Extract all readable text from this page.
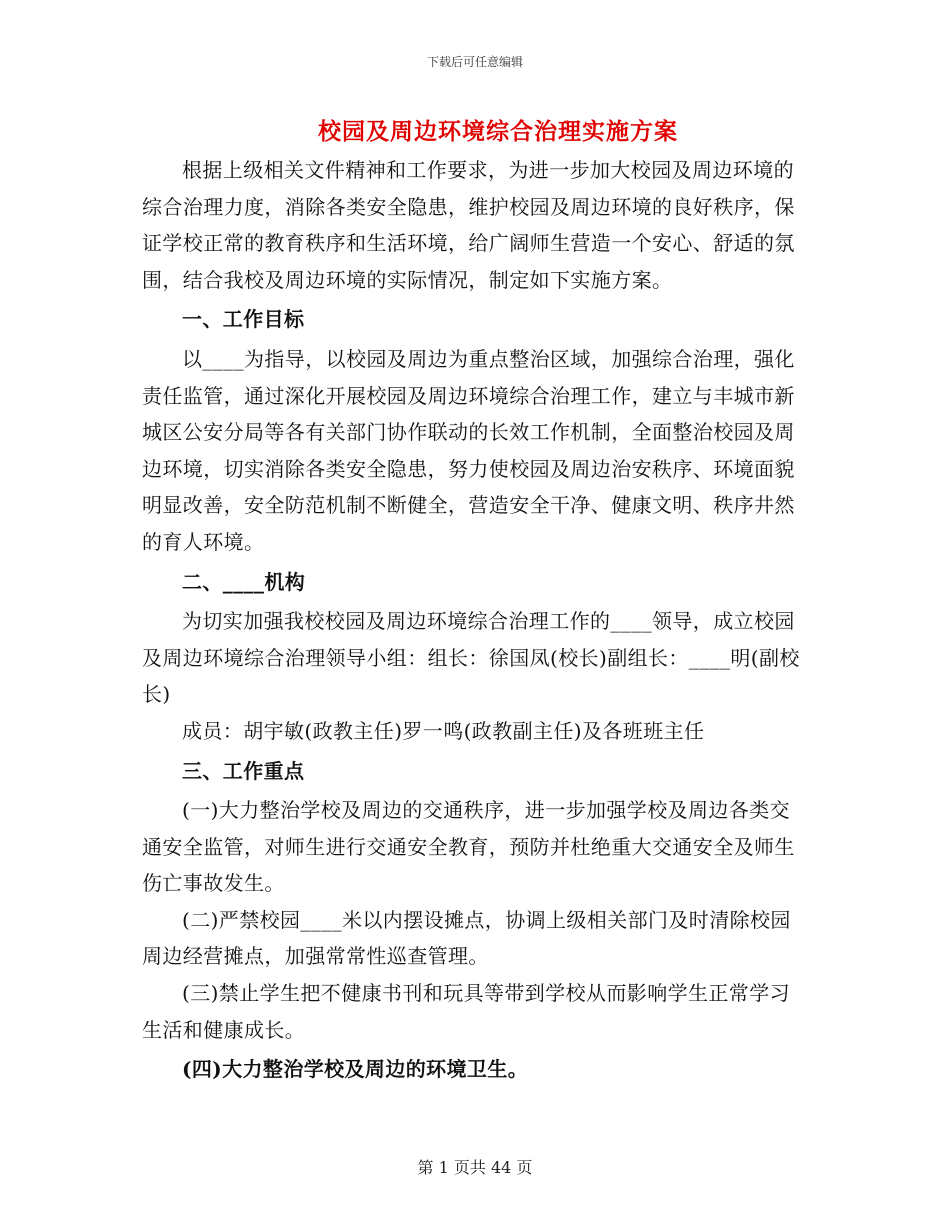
下载后可任意编辑
校园及周边环境综合治理实施方案

根据上级相关文件精神和工作要求，为进一步加大校园及周边环境的综合治理力度，消除各类安全隐患，维护校园及周边环境的良好秩序，保证学校正常的教育秩序和生活环境，给广阔师生营造一个安心、舒适的氛围，结合我校及周边环境的实际情况，制定如下实施方案。

一、工作目标

以____为指导，以校园及周边为重点整治区域，加强综合治理，强化责任监管，通过深化开展校园及周边环境综合治理工作，建立与丰城市新城区公安分局等各有关部门协作联动的长效工作机制，全面整治校园及周边环境，切实消除各类安全隐患，努力使校园及周边治安秩序、环境面貌明显改善，安全防范机制不断健全，营造安全干净、健康文明、秩序井然的育人环境。

二、____机构

为切实加强我校校园及周边环境综合治理工作的____领导，成立校园及周边环境综合治理领导小组：组长：徐国凤(校长)副组长：____明(副校长)

成员：胡宇敏(政教主任)罗一鸣(政教副主任)及各班班主任

三、工作重点

(一)大力整治学校及周边的交通秩序，进一步加强学校及周边各类交通安全监管，对师生进行交通安全教育，预防并杜绝重大交通安全及师生伤亡事故发生。

(二)严禁校园____米以内摆设摊点，协调上级相关部门及时清除校园周边经营摊点，加强常常性巡查管理。

(三)禁止学生把不健康书刊和玩具等带到学校从而影响学生正常学习生活和健康成长。

(四)大力整治学校及周边的环境卫生。

第 1 页共 44 页
